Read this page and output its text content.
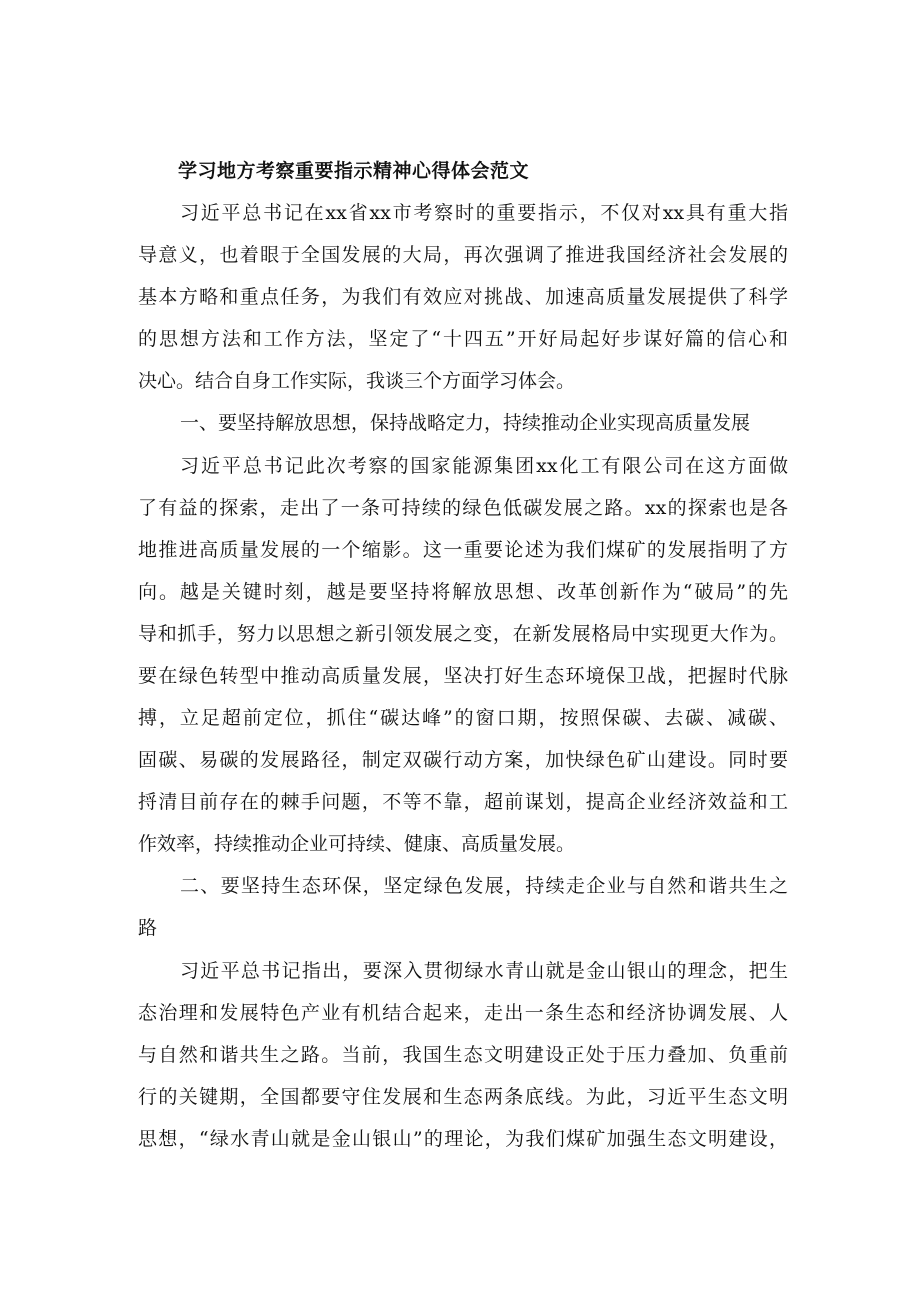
学习地方考察重要指示精神心得体会范文

习近平总书记在xx省xx市考察时的重要指示，不仅对xx具有重大指

导意义，也着眼于全国发展的大局，再次强调了推进我国经济社会发展的

基本方略和重点任务，为我们有效应对挑战、加速高质量发展提供了科学

的思想方法和工作方法，坚定了“十四五”开好局起好步谋好篇的信心和

决心。结合自身工作实际，我谈三个方面学习体会。

一、要坚持解放思想，保持战略定力，持续推动企业实现高质量发展

习近平总书记此次考察的国家能源集团xx化工有限公司在这方面做

了有益的探索，走出了一条可持续的绿色低碳发展之路。xx的探索也是各

地推进高质量发展的一个缩影。这一重要论述为我们煤矿的发展指明了方

向。越是关键时刻，越是要坚持将解放思想、改革创新作为“破局”的先

导和抓手，努力以思想之新引领发展之变，在新发展格局中实现更大作为。

要在绿色转型中推动高质量发展，坚决打好生态环境保卫战，把握时代脉

搏，立足超前定位，抓住“碳达峰”的窗口期，按照保碳、去碳、减碳、

固碳、易碳的发展路径，制定双碳行动方案，加快绿色矿山建设。同时要

捋清目前存在的棘手问题，不等不靠，超前谋划，提高企业经济效益和工

作效率，持续推动企业可持续、健康、高质量发展。

二、要坚持生态环保，坚定绿色发展，持续走企业与自然和谐共生之

路

习近平总书记指出，要深入贯彻绿水青山就是金山银山的理念，把生

态治理和发展特色产业有机结合起来，走出一条生态和经济协调发展、人

与自然和谐共生之路。当前，我国生态文明建设正处于压力叠加、负重前

行的关键期，全国都要守住发展和生态两条底线。为此，习近平生态文明

思想，“绿水青山就是金山银山”的理论，为我们煤矿加强生态文明建设，
